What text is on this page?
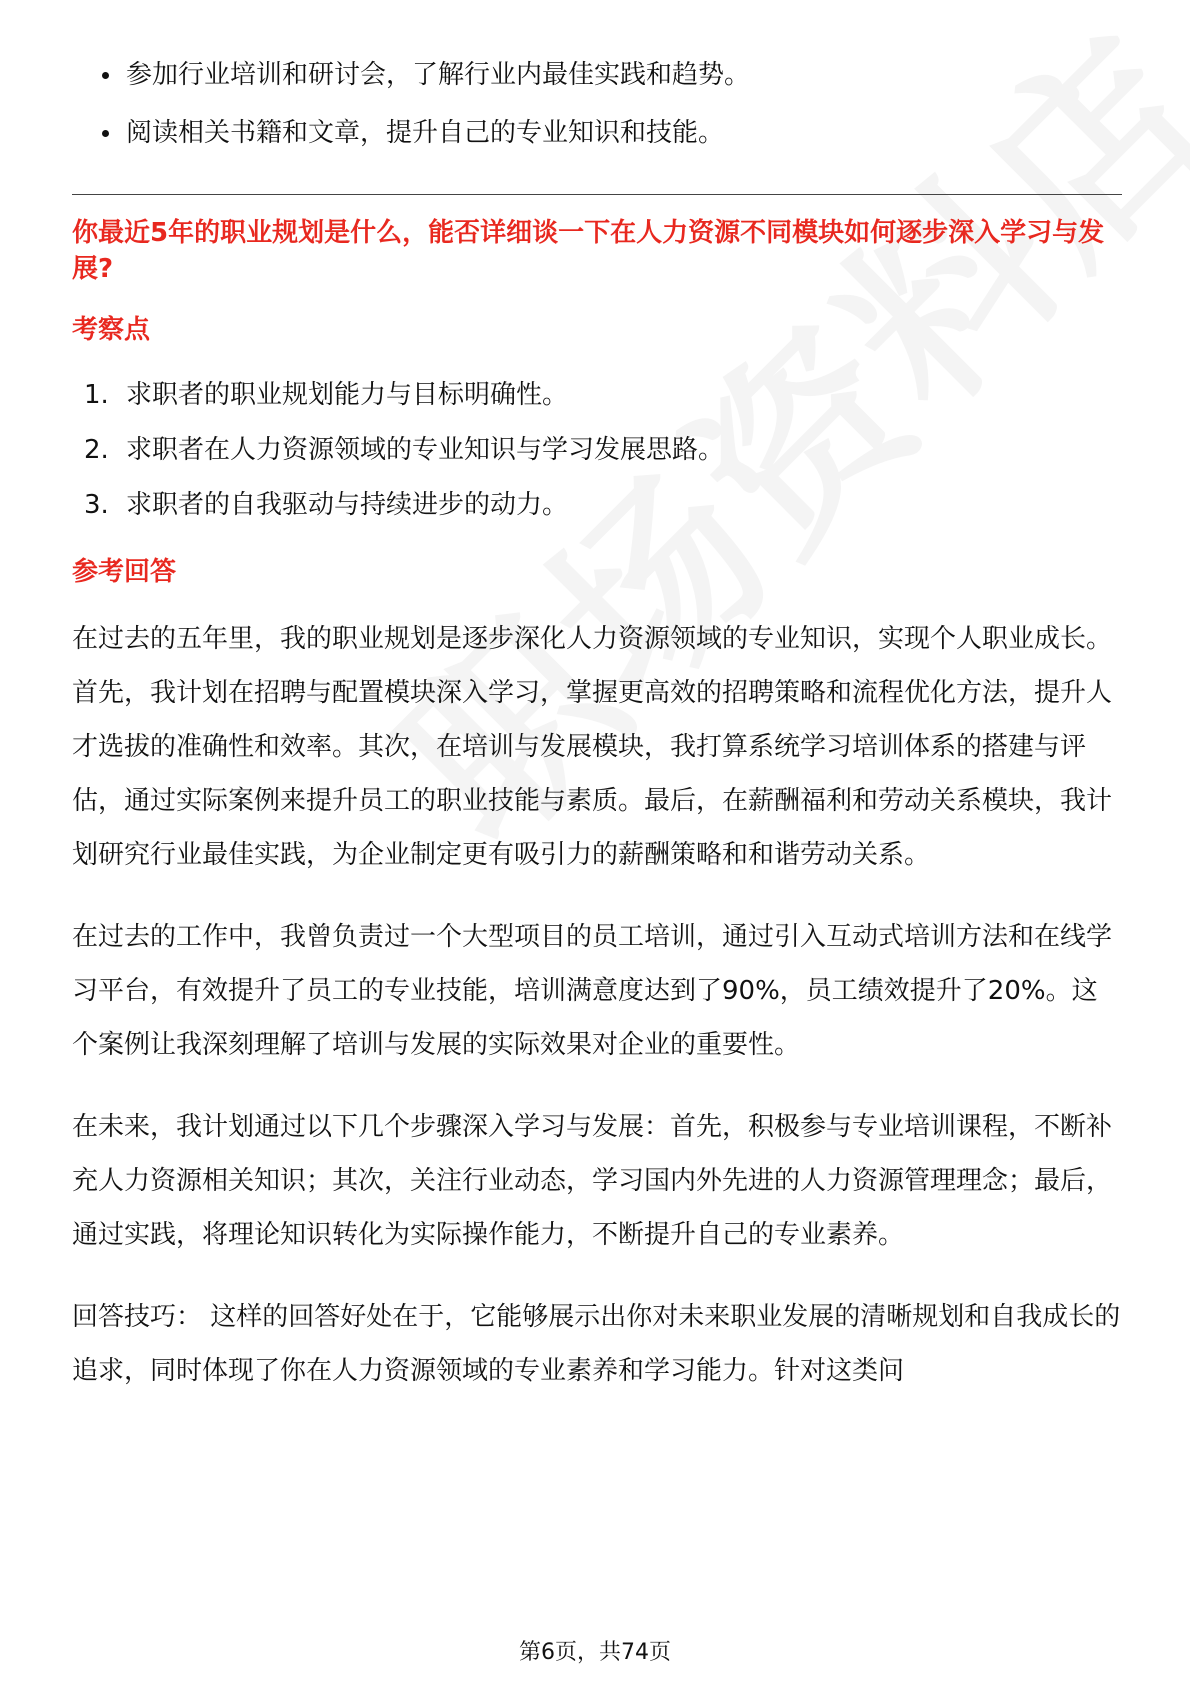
参加行业培训和研讨会，了解行业内最佳实践和趋势。
阅读相关书籍和文章，提升自己的专业知识和技能。
你最近5年的职业规划是什么，能否详细谈一下在人力资源不同模块如何逐步深入学习与发展?
考察点
1. 求职者的职业规划能力与目标明确性。
2. 求职者在人力资源领域的专业知识与学习发展思路。
3. 求职者的自我驱动与持续进步的动力。
参考回答

在过去的五年里，我的职业规划是逐步深化人力资源领域的专业知识，实现个人职业成长。首先，我计划在招聘与配置模块深入学习，掌握更高效的招聘策略和流程优化方法，提升人才选拔的准确性和效率。其次，在培训与发展模块，我打算系统学习培训体系的搭建与评估，通过实际案例来提升员工的职业技能与素质。最后，在薪酬福利和劳动关系模块，我计划研究行业最佳实践，为企业制定更有吸引力的薪酬策略和和谐劳动关系。

在过去的工作中，我曾负责过一个大型项目的员工培训，通过引入互动式培训方法和在线学习平台，有效提升了员工的专业技能，培训满意度达到了90%，员工绩效提升了20%。这个案例让我深刻理解了培训与发展的实际效果对企业的重要性。

在未来，我计划通过以下几个步骤深入学习与发展：首先，积极参与专业培训课程，不断补充人力资源相关知识；其次，关注行业动态，学习国内外先进的人力资源管理理念；最后，通过实践，将理论知识转化为实际操作能力，不断提升自己的专业素养。

回答技巧： 这样的回答好处在于，它能够展示出你对未来职业发展的清晰规划和自我成长的追求，同时体现了你在人力资源领域的专业素养和学习能力。针对这类问

第6页，共74页
